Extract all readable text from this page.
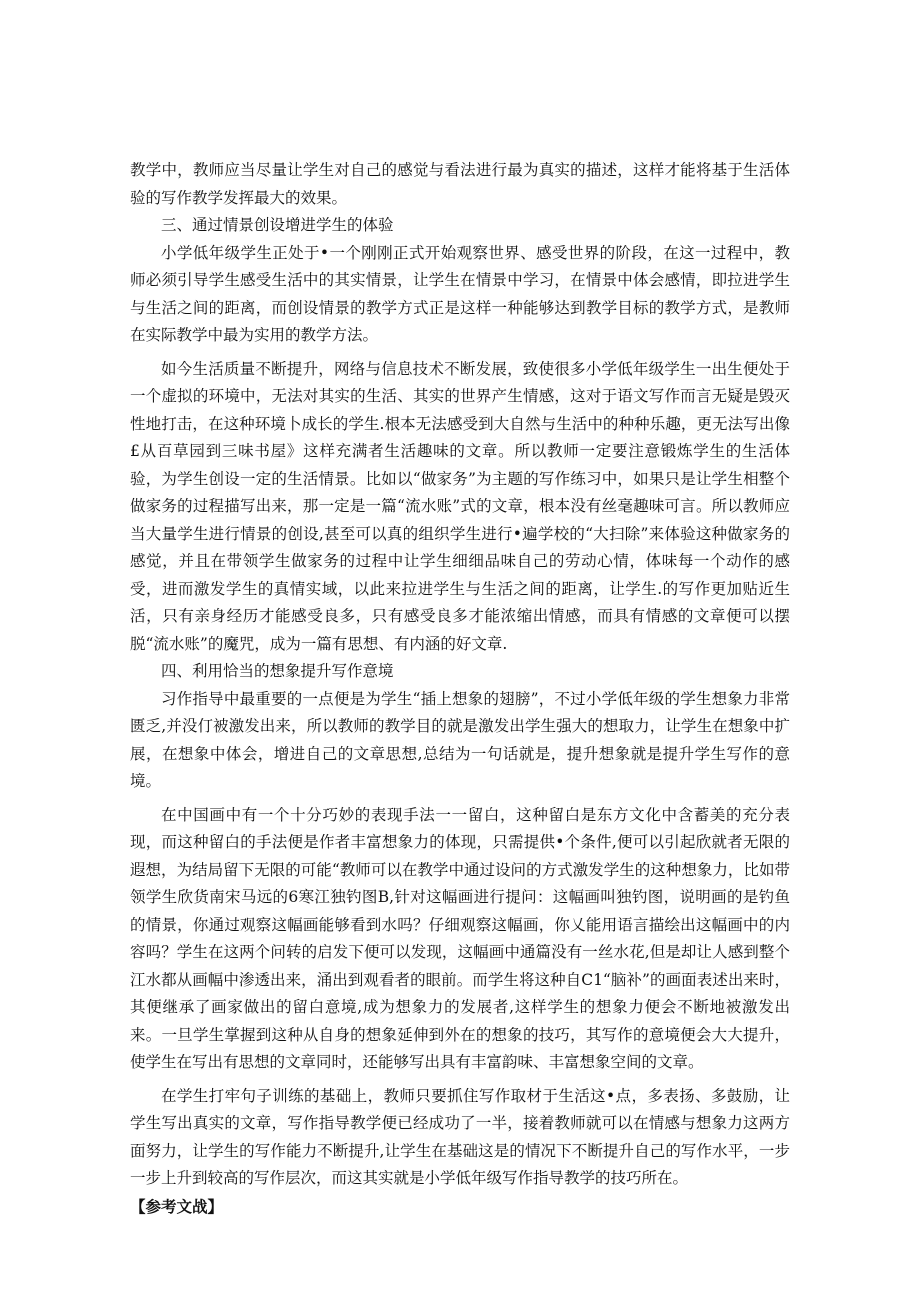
教学中，教师应当尽量让学生对自己的感觉与看法进行最为真实的描述，这样才能将基于生活体验的写作教学发挥最大的效果。

三、通过情景创设增进学生的体验

小学低年级学生正处于•一个刚刚正式开始观察世界、感受世界的阶段，在这一过程中，教师必须引导学生感受生活中的其实情景，让学生在情景中学习，在情景中体会感情，即拉进学生与生活之间的距离，而创设情景的教学方式正是这样一种能够达到教学目标的教学方式，是教师在实际教学中最为实用的教学方法。

如今生活质量不断提升，网络与信息技术不断发展，致使很多小学低年级学生一出生便处于一个虚拟的环境中，无法对其实的生活、其实的世界产生情感，这对于语文写作而言无疑是毁灭性地打击，在这种环境卜成长的学生.根本无法感受到大自然与生活中的种种乐趣，更无法写出像£从百草园到三味书屋》这样充满者生活趣味的文章。所以教师一定要注意锻炼学生的生活体验，为学生创设一定的生活情景。比如以“做家务”为主题的写作练习中，如果只是让学生相整个做家务的过程描写出来，那一定是一篇“流水账”式的文章，根本没有丝毫趣味可言。所以教师应当大量学生进行情景的创设,甚至可以真的组织学生进行•遍学校的“大扫除”来体验这种做家务的感觉，并且在带领学生做家务的过程中让学生细细品味自己的劳动心情，体味每一个动作的感受，进而激发学生的真情实域，以此来拉进学生与生活之间的距离，让学生.的写作更加贴近生活，只有亲身经历才能感受良多，只有感受良多才能浓缩出情感，而具有情感的文章便可以摆脱“流水账”的魔咒，成为一篇有思想、有内涵的好文章.

四、利用恰当的想象提升写作意境

习作指导中最重要的一点便是为学生“插上想象的翅膀”，不过小学低年级的学生想象力非常匮乏,并没仃被激发出来，所以教师的教学目的就是激发出学生强大的想取力，让学生在想象中扩展，在想象中体会，增进自己的文章思想,总结为一句话就是，提升想象就是提升学生写作的意境。

在中国画中有一个十分巧妙的表现手法一一留白，这种留白是东方文化中含蓄美的充分表现，而这种留白的手法便是作者丰富想象力的体现，只需提供•个条件,便可以引起欣就者无限的遐想，为结局留下无限的可能“教师可以在教学中通过设问的方式激发学生的这种想象力，比如带领学生欣货南宋马远的6寒江独钓图B,针对这幅画进行提问：这幅画叫独钓图，说明画的是钓鱼的情景，你通过观察这幅画能够看到水吗？仔细观察这幅画，你乂能用语言描绘出这幅画中的内容吗？学生在这两个问转的启发下便可以发现，这幅画中通篇没有一丝水花,但是却让人感到整个江水都从画幅中渗透出来，涌出到观看者的眼前。而学生将这种自C1“脑补”的画面表述出来时，其便继承了画家做出的留白意境,成为想象力的发展者,这样学生的想象力便会不断地被激发出来。一旦学生掌握到这种从自身的想象延伸到外在的想象的技巧，其写作的意境便会大大提升，使学生在写出有思想的文章同时，还能够写出具有丰富韵味、丰富想象空间的文章。

在学生打牢句子训练的基础上，教师只要抓住写作取材于生活这•点，多表扬、多鼓励，让学生写出真实的文章，写作指导教学便已经成功了一半，接着教师就可以在情感与想象力这两方面努力，让学生的写作能力不断提升,让学生在基础这是的情况下不断提升自己的写作水平，一步一步上升到较高的写作层次，而这其实就是小学低年级写作指导教学的技巧所在。

【参考文战】
